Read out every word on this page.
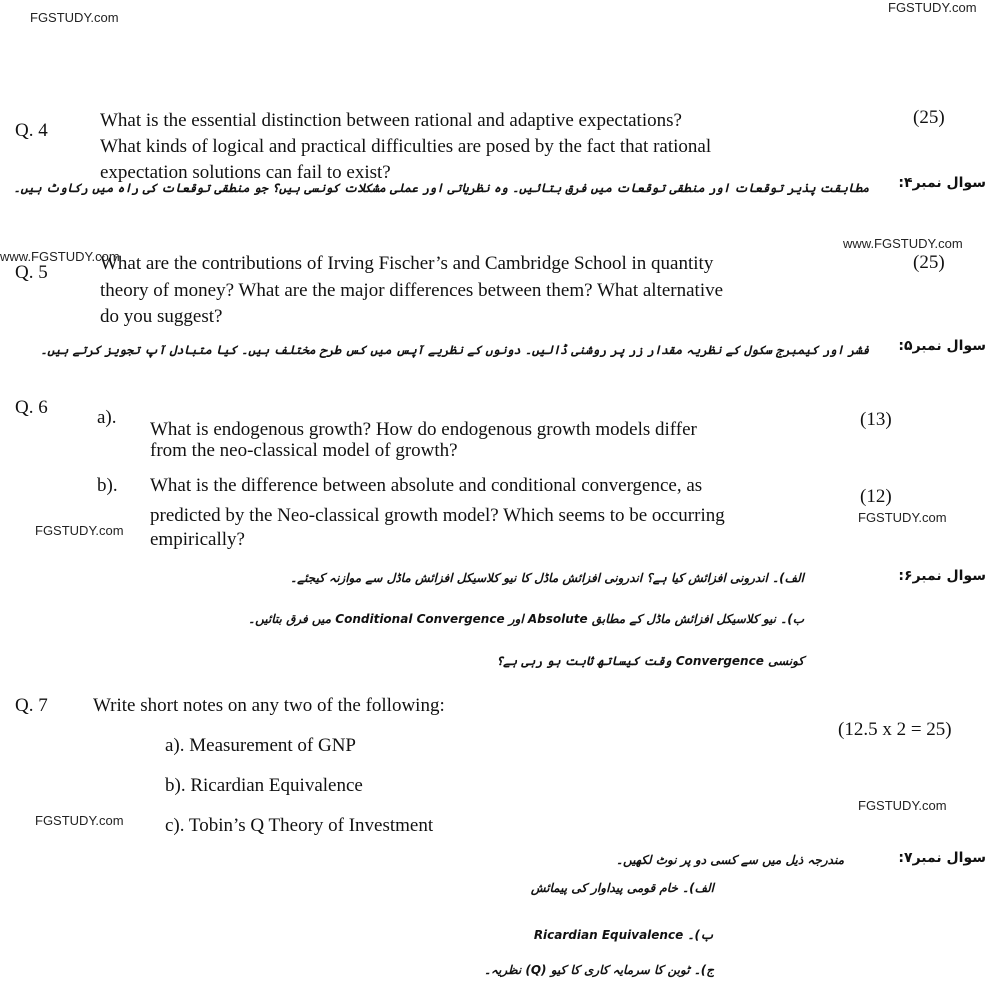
FGSTUDY.com
FGSTUDY.com
Q. 4	What is the essential distinction between rational and adaptive expectations?
What kinds of logical and practical difficulties are posed by the fact that rational
expectation solutions can fail to exist?
(25)
سوال نمبر۴:
مطابقت پذیر توقعات اور منطقی توقعات میں فرق بتائیں۔ وہ نظریاتی اور عملی مشکلات کونسی ہیں؟ جو منطقی توقعات کی راہ میں رکاوٹ ہیں۔
www.FGSTUDY.com
www.FGSTUDY.com
Q. 5	What are the contributions of Irving Fischer’s and Cambridge School in quantity
theory of money? What are the major differences between them? What alternative
do you suggest?
(25)
سوال نمبر۵:
فشر اور کیمبرج سکول کے نظریہ مقدار زر پر روشنی ڈالیں۔ دونوں کے نظریے آپس میں کس طرح مختلف ہیں۔ کیا متبادل آپ تجویز کرتے ہیں۔
Q. 6	a).
What is endogenous growth? How do endogenous growth models differ
from the neo-classical model of growth?
(13)
b). What is the difference between absolute and conditional convergence, as
predicted by the Neo-classical growth model? Which seems to be occurring
empirically?
(12)
FGSTUDY.com
FGSTUDY.com
سوال نمبر۶:
الف)۔ اندرونی افزائش کیا ہے؟ اندرونی افزائش ماڈل کا نیو کلاسیکل افزائش ماڈل سے موازنہ کیجئے۔
ب)۔ نیو کلاسیکل افزائش ماڈل کے مطابق Absolute اور Conditional Convergence میں فرق بتائیں۔
کونسی Convergence وقت کیساتھ ثابت ہو رہی ہے؟
Q. 7 Write short notes on any two of the following:
(12.5 x 2 = 25)
a). Measurement of GNP
b). Ricardian Equivalence
c). Tobin’s Q Theory of Investment
FGSTUDY.com
FGSTUDY.com
سوال نمبر۷:
مندرجہ ذیل میں سے کسی دو پر نوٹ لکھیں۔
الف)۔ خام قومی پیداوار کی پیمائش
ب)۔ Ricardian Equivalence
ج)۔ ٹوبن کا سرمایہ کاری کا کیو (Q) نظریہ۔
